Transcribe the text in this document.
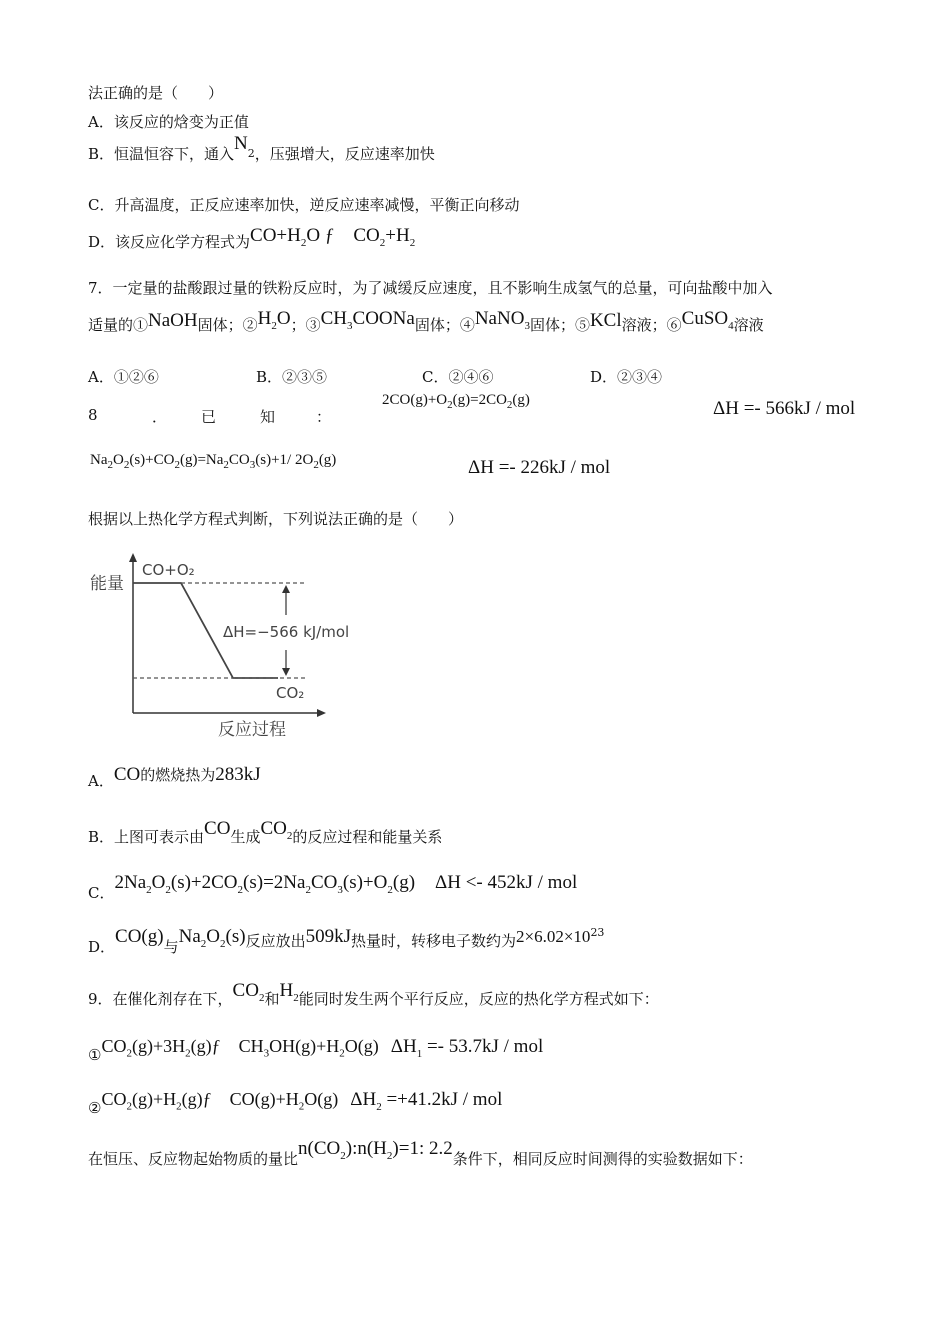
法正确的是（　　）
A．该反应的焓变为正值
B．恒温恒容下，通入$N_2$，压强增大，反应速率加快
C．升高温度，正反应速率加快，逆反应速率减慢，平衡正向移动
D．该反应化学方程式为$CO+H_2O$ ƒ　$CO_2+H_2$
7．一定量的盐酸跟过量的铁粉反应时，为了减缓反应速度，且不影响生成氢气的总量，可向盐酸中加入
适量的①NaOH固体；$②H_2O$；$③CH_3COONa$固体；④NaNO$_3$固体；⑤KCl溶液；⑥CuSO$_4$溶液
A．①②⑥	B．②③⑤	C．②④⑥	D．②③④
8	． 已	知	：
$2CO(g)+O_2(g)=2CO_2(g)$	ΔH =- 566kJ / mol
$Na_2O_2(s)+CO_2(g)=Na_2CO_3(s)+1/$ $2O_2(g)$	ΔH =- 226kJ / mol
根据以上热化学方程式判断，下列说法正确的是（　　）
能量
CO+O₂
ΔH=−566 kJ/mol
CO₂
反应过程
A．CO的燃烧热为283kJ
B．上图可表示由CO生成$CO_2$的反应过程和能量关系
C．$2Na_2O_2(s)+2CO_2(s)=2Na_2CO_3(s)+O_2(g) \Delta H <- 452kJ$ / mol
D．CO(g)与$Na_2O_2(s)$反应放出509kJ热量时，转移电子数约为$2\times 6.02\times 10^{23}$
9．在催化剂存在下，$CO_2$和$H_2$能同时发生两个平行反应，反应的热化学方程式如下：
$①CO_2(g)+3H_2(g)ƒ$　$CH_3OH(g)+H_2O(g) \Delta H_1 =- 53.7kJ$ / mol
$②CO_2(g)+H_2(g)ƒ$　$CO(g)+H_2O(g)$ $\Delta H_2 =+41.2kJ$ / mol
在恒压、反应物起始物质的量比$n(CO_2):n(H_2)=1$: 2.2条件下，相同反应时间测得的实验数据如下：
